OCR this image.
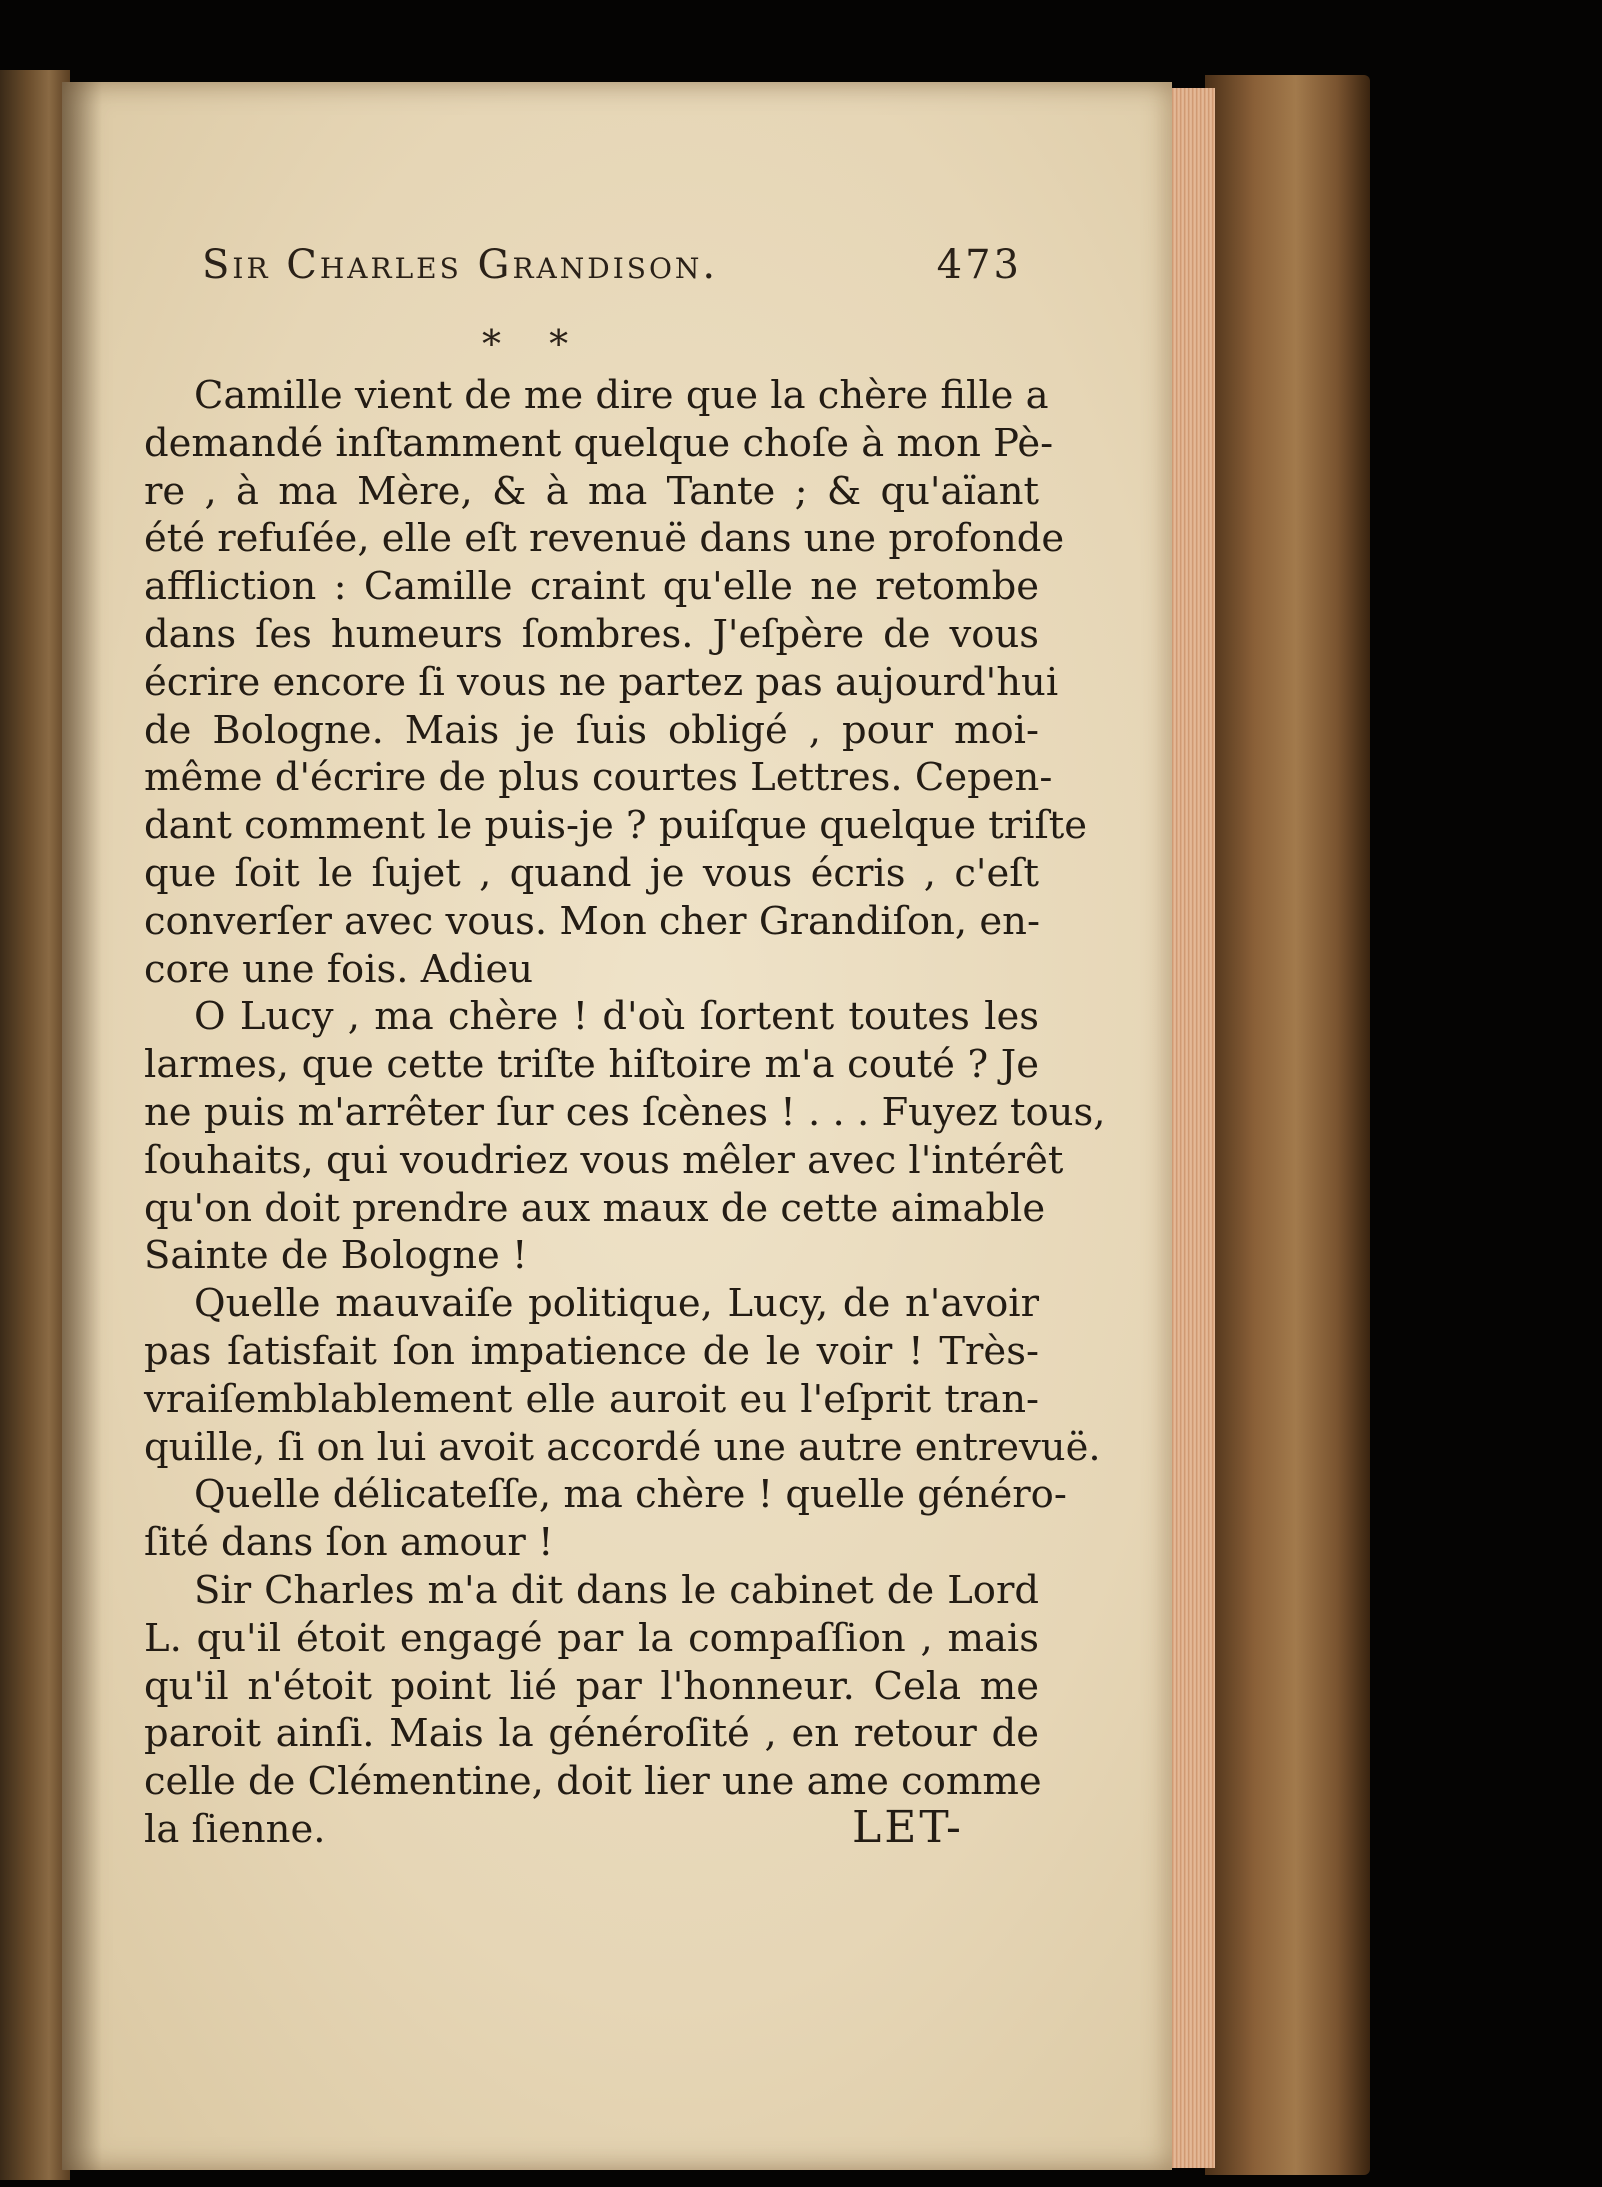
Sir Charles Grandison.	473
* *

Camille vient de me dire que la chère fille a
demandé inſtamment quelque choſe à mon Pè-
re , à ma Mère, & à ma Tante ; & qu'aïant
été refuſée, elle eſt revenuë dans une profonde
affliction : Camille craint qu'elle ne retombe
dans ſes humeurs ſombres. J'eſpère de vous
écrire encore ſi vous ne partez pas aujourd'hui
de Bologne. Mais je ſuis obligé , pour moi-
même d'écrire de plus courtes Lettres. Cepen-
dant comment le puis-je ? puiſque quelque triſte
que ſoit le ſujet , quand je vous écris , c'eſt
converſer avec vous. Mon cher Grandiſon, en-
core une fois. Adieu

O Lucy , ma chère ! d'où ſortent toutes les
larmes, que cette triſte hiſtoire m'a couté ? Je
ne puis m'arrêter ſur ces ſcènes ! . . . Fuyez tous,
ſouhaits, qui voudriez vous mêler avec l'intérêt
qu'on doit prendre aux maux de cette aimable
Sainte de Bologne !

Quelle mauvaiſe politique, Lucy, de n'avoir
pas ſatisfait ſon impatience de le voir ! Très-
vraiſemblablement elle auroit eu l'eſprit tran-
quille, ſi on lui avoit accordé une autre entrevuë.

Quelle délicateſſe, ma chère ! quelle généro-
ſité dans ſon amour !

Sir Charles m'a dit dans le cabinet de Lord
L. qu'il étoit engagé par la compaſſion , mais
qu'il n'étoit point lié par l'honneur. Cela me
paroit ainſi. Mais la généroſité , en retour de
celle de Clémentine, doit lier une ame comme
la ſienne.	LET-
